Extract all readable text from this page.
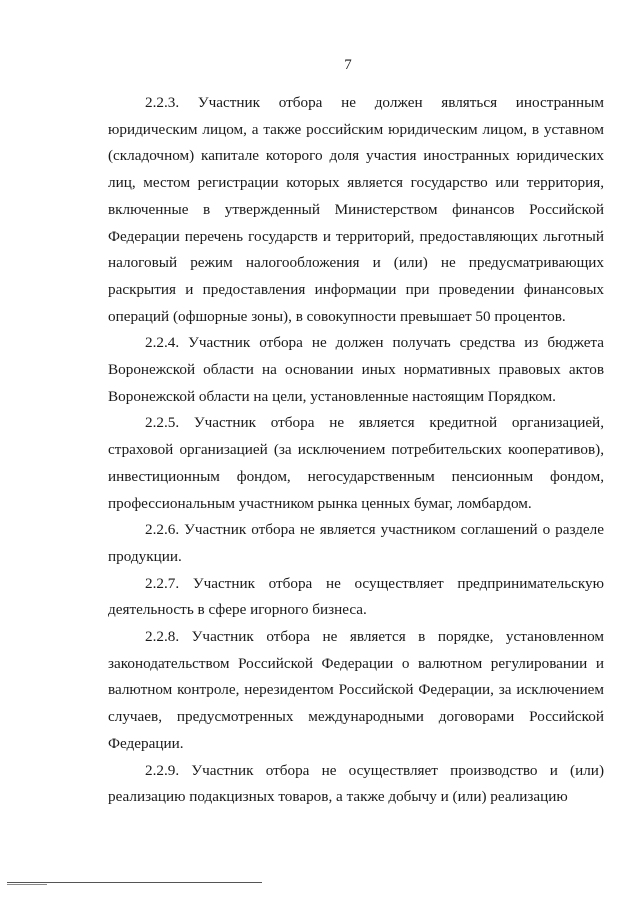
7

2.2.3. Участник отбора не должен являться иностранным юридическим лицом, а также российским юридическим лицом, в уставном (складочном) капитале которого доля участия иностранных юридических лиц, местом регистрации которых является государство или территория, включенные в утвержденный Министерством финансов Российской Федерации перечень государств и территорий, предоставляющих льготный налоговый режим налогообложения и (или) не предусматривающих раскрытия и предоставления информации при проведении финансовых операций (офшорные зоны), в совокупности превышает 50 процентов.

2.2.4. Участник отбора не должен получать средства из бюджета Воронежской области на основании иных нормативных правовых актов Воронежской области на цели, установленные настоящим Порядком.

2.2.5. Участник отбора не является кредитной организацией, страховой организацией (за исключением потребительских кооперативов), инвестиционным фондом, негосударственным пенсионным фондом, профессиональным участником рынка ценных бумаг, ломбардом.

2.2.6. Участник отбора не является участником соглашений о разделе продукции.

2.2.7. Участник отбора не осуществляет предпринимательскую деятельность в сфере игорного бизнеса.

2.2.8. Участник отбора не является в порядке, установленном законодательством Российской Федерации о валютном регулировании и валютном контроле, нерезидентом Российской Федерации, за исключением случаев, предусмотренных международными договорами Российской Федерации.

2.2.9. Участник отбора не осуществляет производство и (или) реализацию подакцизных товаров, а также добычу и (или) реализацию
